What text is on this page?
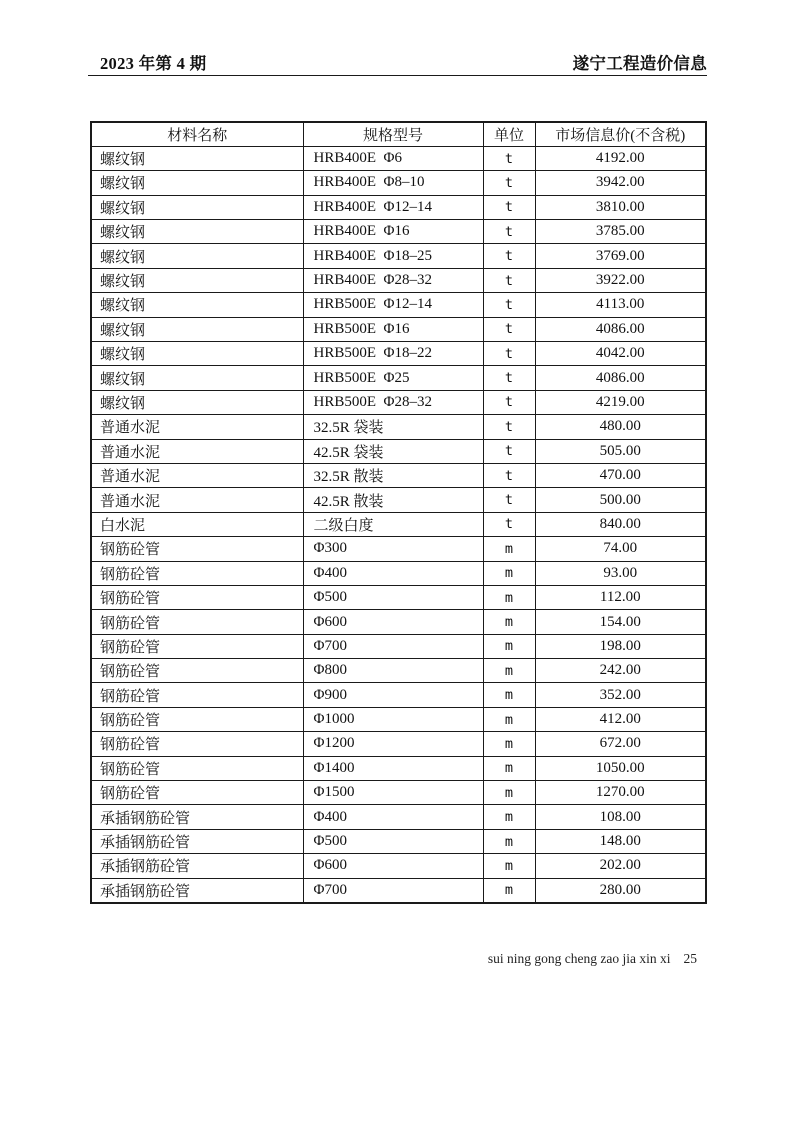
2023 年第 4 期	遂宁工程造价信息
材料名称	规格型号	单位	市场信息价(不含税)
螺纹钢	HRB400E  Φ6	t	4192.00
螺纹钢	HRB400E  Φ8–10	t	3942.00
螺纹钢	HRB400E  Φ12–14	t	3810.00
螺纹钢	HRB400E  Φ16	t	3785.00
螺纹钢	HRB400E  Φ18–25	t	3769.00
螺纹钢	HRB400E  Φ28–32	t	3922.00
螺纹钢	HRB500E  Φ12–14	t	4113.00
螺纹钢	HRB500E  Φ16	t	4086.00
螺纹钢	HRB500E  Φ18–22	t	4042.00
螺纹钢	HRB500E  Φ25	t	4086.00
螺纹钢	HRB500E  Φ28–32	t	4219.00
普通水泥	32.5R 袋装	t	480.00
普通水泥	42.5R 袋装	t	505.00
普通水泥	32.5R 散装	t	470.00
普通水泥	42.5R 散装	t	500.00
白水泥	二级白度	t	840.00
钢筋砼管	Φ300	m	74.00
钢筋砼管	Φ400	m	93.00
钢筋砼管	Φ500	m	112.00
钢筋砼管	Φ600	m	154.00
钢筋砼管	Φ700	m	198.00
钢筋砼管	Φ800	m	242.00
钢筋砼管	Φ900	m	352.00
钢筋砼管	Φ1000	m	412.00
钢筋砼管	Φ1200	m	672.00
钢筋砼管	Φ1400	m	1050.00
钢筋砼管	Φ1500	m	1270.00
承插钢筋砼管	Φ400	m	108.00
承插钢筋砼管	Φ500	m	148.00
承插钢筋砼管	Φ600	m	202.00
承插钢筋砼管	Φ700	m	280.00
sui ning gong cheng zao jia xin xi 25
